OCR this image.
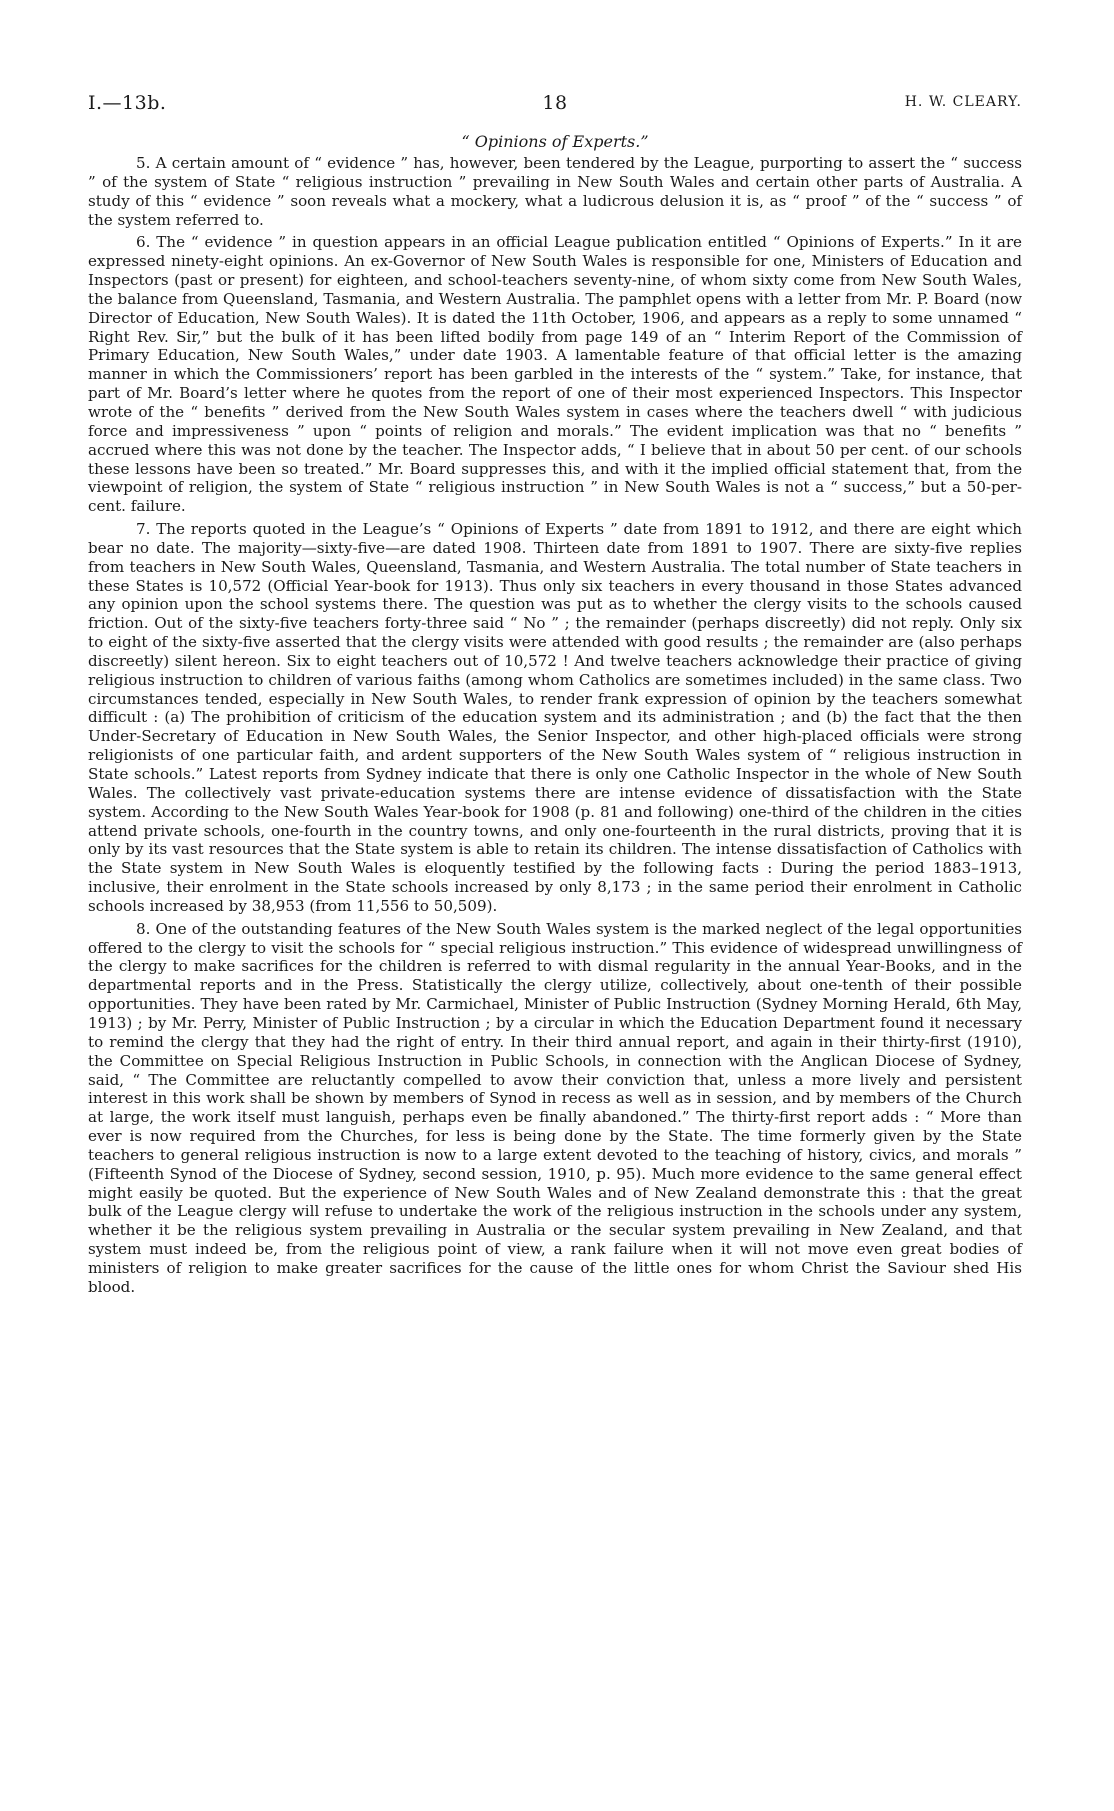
I.—13b.	18	H. W. CLEARY.
“ Opinions of Experts.”

5. A certain amount of “ evidence ” has, however, been tendered by the League, purporting to assert the “ success ” of the system of State “ religious instruction ” prevailing in New South Wales and certain other parts of Australia. A study of this “ evidence ” soon reveals what a mockery, what a ludicrous delusion it is, as “ proof ” of the “ success ” of the system referred to.

6. The “ evidence ” in question appears in an official League publication entitled “ Opinions of Experts.” In it are expressed ninety-eight opinions. An ex-Governor of New South Wales is responsible for one, Ministers of Education and Inspectors (past or present) for eighteen, and school-teachers seventy-nine, of whom sixty come from New South Wales, the balance from Queensland, Tasmania, and Western Australia. The pamphlet opens with a letter from Mr. P. Board (now Director of Education, New South Wales). It is dated the 11th October, 1906, and appears as a reply to some unnamed “ Right Rev. Sir,” but the bulk of it has been lifted bodily from page 149 of an “ Interim Report of the Commission of Primary Education, New South Wales,” under date 1903. A lamentable feature of that official letter is the amazing manner in which the Commissioners’ report has been garbled in the interests of the “ system.” Take, for instance, that part of Mr. Board’s letter where he quotes from the report of one of their most experienced Inspectors. This Inspector wrote of the “ benefits ” derived from the New South Wales system in cases where the teachers dwell “ with judicious force and impressiveness ” upon “ points of religion and morals.” The evident implication was that no “ benefits ” accrued where this was not done by the teacher. The Inspector adds, “ I believe that in about 50 per cent. of our schools these lessons have been so treated.” Mr. Board suppresses this, and with it the implied official statement that, from the viewpoint of religion, the system of State “ religious instruction ” in New South Wales is not a “ success,” but a 50-per-cent. failure.

7. The reports quoted in the League’s “ Opinions of Experts ” date from 1891 to 1912, and there are eight which bear no date. The majority—sixty-five—are dated 1908. Thirteen date from 1891 to 1907. There are sixty-five replies from teachers in New South Wales, Queensland, Tasmania, and Western Australia. The total number of State teachers in these States is 10,572 (Official Year-book for 1913). Thus only six teachers in every thousand in those States advanced any opinion upon the school systems there. The question was put as to whether the clergy visits to the schools caused friction. Out of the sixty-five teachers forty-three said “ No ” ; the remainder (perhaps discreetly) did not reply. Only six to eight of the sixty-five asserted that the clergy visits were attended with good results ; the remainder are (also perhaps discreetly) silent hereon. Six to eight teachers out of 10,572 ! And twelve teachers acknowledge their practice of giving religious instruction to children of various faiths (among whom Catholics are sometimes included) in the same class. Two circumstances tended, especially in New South Wales, to render frank expression of opinion by the teachers somewhat difficult : (a) The prohibition of criticism of the education system and its administration ; and (b) the fact that the then Under-Secretary of Education in New South Wales, the Senior Inspector, and other high-placed officials were strong religionists of one particular faith, and ardent supporters of the New South Wales system of “ religious instruction in State schools.” Latest reports from Sydney indicate that there is only one Catholic Inspector in the whole of New South Wales. The collectively vast private-education systems there are intense evidence of dissatisfaction with the State system. According to the New South Wales Year-book for 1908 (p. 81 and following) one-third of the children in the cities attend private schools, one-fourth in the country towns, and only one-fourteenth in the rural districts, proving that it is only by its vast resources that the State system is able to retain its children. The intense dissatisfaction of Catholics with the State system in New South Wales is eloquently testified by the following facts : During the period 1883–1913, inclusive, their enrolment in the State schools increased by only 8,173 ; in the same period their enrolment in Catholic schools increased by 38,953 (from 11,556 to 50,509).

8. One of the outstanding features of the New South Wales system is the marked neglect of the legal opportunities offered to the clergy to visit the schools for “ special religious instruction.” This evidence of widespread unwillingness of the clergy to make sacrifices for the children is referred to with dismal regularity in the annual Year-Books, and in the departmental reports and in the Press. Statistically the clergy utilize, collectively, about one-tenth of their possible opportunities. They have been rated by Mr. Carmichael, Minister of Public Instruction (Sydney Morning Herald, 6th May, 1913) ; by Mr. Perry, Minister of Public Instruction ; by a circular in which the Education Department found it necessary to remind the clergy that they had the right of entry. In their third annual report, and again in their thirty-first (1910), the Committee on Special Religious Instruction in Public Schools, in connection with the Anglican Diocese of Sydney, said, “ The Committee are reluctantly compelled to avow their conviction that, unless a more lively and persistent interest in this work shall be shown by members of Synod in recess as well as in session, and by members of the Church at large, the work itself must languish, perhaps even be finally abandoned.” The thirty-first report adds : “ More than ever is now required from the Churches, for less is being done by the State. The time formerly given by the State teachers to general religious instruction is now to a large extent devoted to the teaching of history, civics, and morals ” (Fifteenth Synod of the Diocese of Sydney, second session, 1910, p. 95). Much more evidence to the same general effect might easily be quoted. But the experience of New South Wales and of New Zealand demonstrate this : that the great bulk of the League clergy will refuse to undertake the work of the religious instruction in the schools under any system, whether it be the religious system prevailing in Australia or the secular system prevailing in New Zealand, and that system must indeed be, from the religious point of view, a rank failure when it will not move even great bodies of ministers of religion to make greater sacrifices for the cause of the little ones for whom Christ the Saviour shed His blood.
